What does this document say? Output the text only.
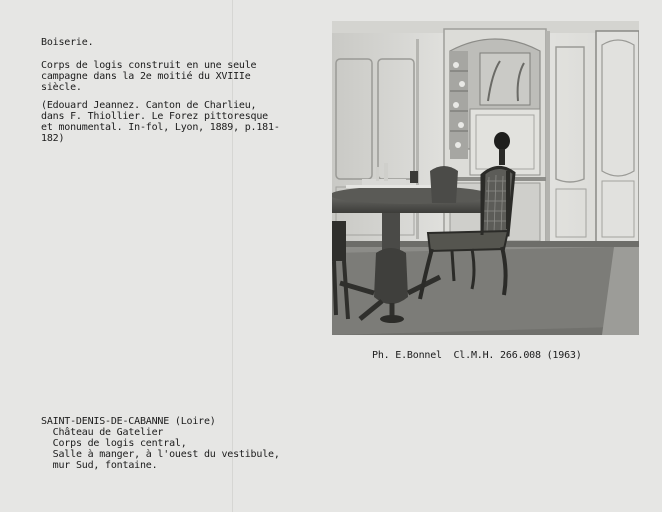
Boiserie.
Corps de logis construit en une seule
campagne dans la 2e moitié du XVIIIe
siècle.
(Edouard Jeannez. Canton de Charlieu,
dans F. Thiollier. Le Forez pittoresque
et monumental. In-fol, Lyon, 1889, p.181-
182)
Ph. E.Bonnel  Cl.M.H. 266.008 (1963)
SAINT-DENIS-DE-CABANNE (Loire)
Château de Gatelier
Corps de logis central,
Salle à manger, à l'ouest du vestibule,
mur Sud, fontaine.
